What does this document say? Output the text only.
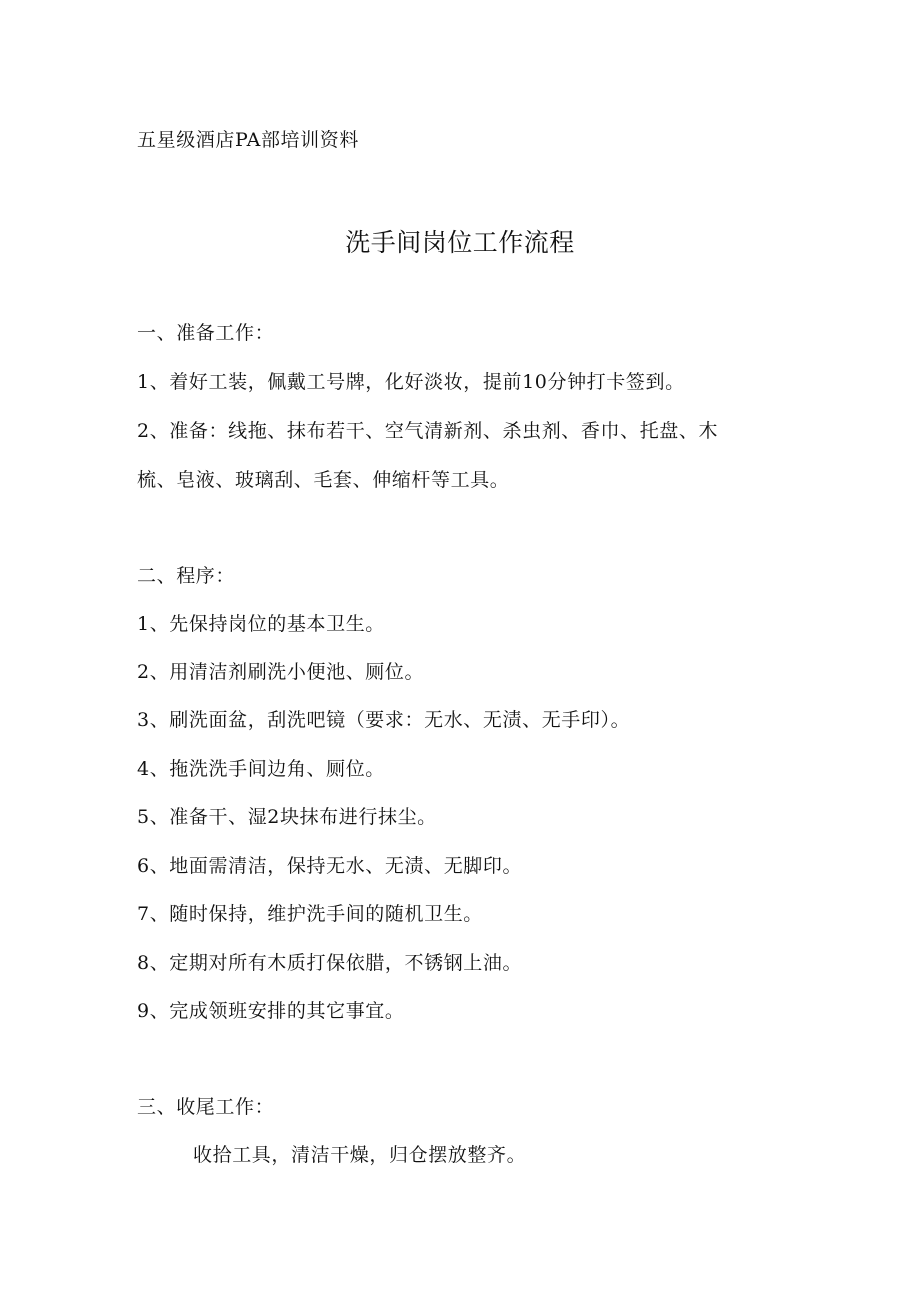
五星级酒店PA部培训资料
洗手间岗位工作流程
一、准备工作：
1、着好工装，佩戴工号牌，化好淡妆，提前10分钟打卡签到。
2、准备：线拖、抹布若干、空气清新剂、杀虫剂、香巾、托盘、木
梳、皂液、玻璃刮、毛套、伸缩杆等工具。
二、程序：
1、先保持岗位的基本卫生。
2、用清洁剂刷洗小便池、厕位。
3、刷洗面盆，刮洗吧镜（要求：无水、无渍、无手印）。
4、拖洗洗手间边角、厕位。
5、准备干、湿2块抹布进行抹尘。
6、地面需清洁，保持无水、无渍、无脚印。
7、随时保持，维护洗手间的随机卫生。
8、定期对所有木质打保依腊，不锈钢上油。
9、完成领班安排的其它事宜。
三、收尾工作：
收拾工具，清洁干燥，归仓摆放整齐。
